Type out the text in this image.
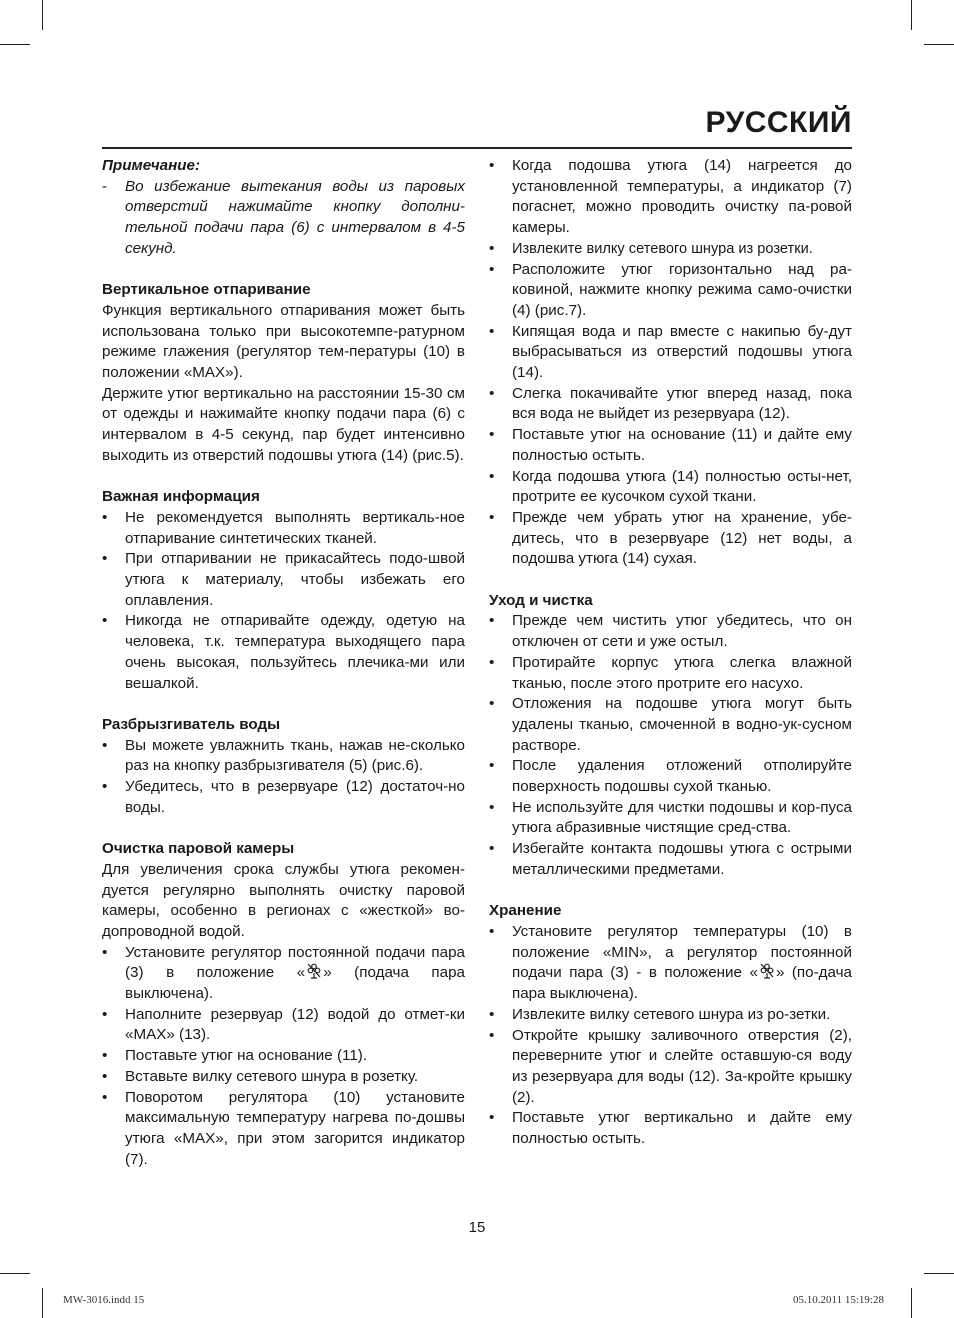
РУССКИЙ

Примечание:

-	Во избежание вытекания воды из паровых отверстий нажимайте кнопку дополни-тельной подачи пара (6) с интервалом в 4-5 секунд.

Вертикальное отпаривание

Функция вертикального отпаривания может быть использована только при высокотемпе-ратурном режиме глажения (регулятор тем-пературы (10) в положении «MAX»).

Держите утюг вертикально на расстоянии 15-30 см от одежды и нажимайте кнопку подачи пара (6) с интервалом в 4-5 секунд, пар будет интенсивно выходить из отверстий подошвы утюга (14) (рис.5).

Важная информация

•	Не рекомендуется выполнять вертикаль-ное отпаривание синтетических тканей.
•	При отпаривании не прикасайтесь подо-швой утюга к материалу, чтобы избежать его оплавления.
•	Никогда не отпаривайте одежду, одетую на человека, т.к. температура выходящего пара очень высокая, пользуйтесь плечика-ми или вешалкой.

Разбрызгиватель воды

•	Вы можете увлажнить ткань, нажав не-сколько раз на кнопку разбрызгивателя (5) (рис.6).
•	Убедитесь, что в резервуаре (12) достаточ-но воды.

Очистка паровой камеры

Для увеличения срока службы утюга рекомен-дуется регулярно выполнять очистку паровой камеры, особенно в регионах с «жесткой» во-допроводной водой.

•	Установите регулятор постоянной подачи пара (3) в положение « » (подача пара выключена).
•	Наполните резервуар (12) водой до отмет-ки «MAX» (13).
•	Поставьте утюг на основание (11).
•	Вставьте вилку сетевого шнура в розетку.
•	Поворотом регулятора (10) установите максимальную температуру нагрева по-дошвы утюга «MAX», при этом загорится индикатор (7).
•	Когда подошва утюга (14) нагреется до установленной температуры, а индикатор (7) погаснет, можно проводить очистку па-ровой камеры.
•	Извлеките вилку сетевого шнура из розетки.
•	Расположите утюг горизонтально над ра-ковиной, нажмите кнопку режима само-очистки (4) (рис.7).
•	Кипящая вода и пар вместе с накипью бу-дут выбрасываться из отверстий подошвы утюга (14).
•	Слегка покачивайте утюг вперед назад, пока вся вода не выйдет из резервуара (12).
•	Поставьте утюг на основание (11) и дайте ему полностью остыть.
•	Когда подошва утюга (14) полностью осты-нет, протрите ее кусочком сухой ткани.
•	Прежде чем убрать утюг на хранение, убе-дитесь, что в резервуаре (12) нет воды, а подошва утюга (14) сухая.

Уход и чистка

•	Прежде чем чистить утюг убедитесь, что он отключен от сети и уже остыл.
•	Протирайте корпус утюга слегка влажной тканью, после этого протрите его насухо.
•	Отложения на подошве утюга могут быть удалены тканью, смоченной в водно-ук-сусном растворе.
•	После удаления отложений отполируйте поверхность подошвы сухой тканью.
•	Не используйте для чистки подошвы и кор-пуса утюга абразивные чистящие сред-ства.
•	Избегайте контакта подошвы утюга с острыми металлическими предметами.

Хранение

•	Установите регулятор температуры (10) в положение «MIN», а регулятор постоянной подачи пара (3) - в положение « » (по-дача пара выключена).
•	Извлеките вилку сетевого шнура из ро-зетки.
•	Откройте крышку заливочного отверстия (2), переверните утюг и слейте оставшую-ся воду из резервуара для воды (12). За-кройте крышку (2).
•	Поставьте утюг вертикально и дайте ему полностью остыть.
15
MW-3016.indd 15	05.10.2011 15:19:28
